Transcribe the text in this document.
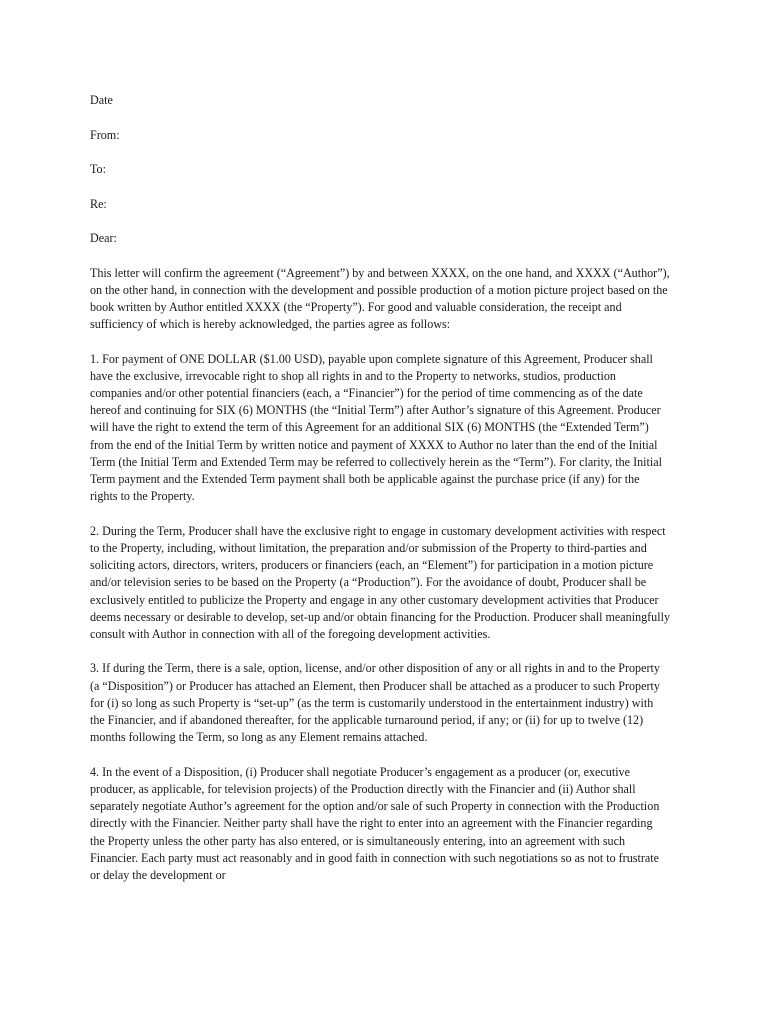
Date
From:
To:
Re:
Dear:

This letter will confirm the agreement (“Agreement”) by and between XXXX, on the one hand, and XXXX (“Author”), on the other hand, in connection with the development and possible production of a motion picture project based on the book written by Author entitled XXXX (the “Property”). For good and valuable consideration, the receipt and sufficiency of which is hereby acknowledged, the parties agree as follows:

1. For payment of ONE DOLLAR ($1.00 USD), payable upon complete signature of this Agreement, Producer shall have the exclusive, irrevocable right to shop all rights in and to the Property to networks, studios, production companies and/or other potential financiers (each, a “Financier”) for the period of time commencing as of the date hereof and continuing for SIX (6) MONTHS (the “Initial Term”) after Author’s signature of this Agreement. Producer will have the right to extend the term of this Agreement for an additional SIX (6) MONTHS (the “Extended Term”) from the end of the Initial Term by written notice and payment of XXXX to Author no later than the end of the Initial Term (the Initial Term and Extended Term may be referred to collectively herein as the “Term”). For clarity, the Initial Term payment and the Extended Term payment shall both be applicable against the purchase price (if any) for the rights to the Property.

2. During the Term, Producer shall have the exclusive right to engage in customary development activities with respect to the Property, including, without limitation, the preparation and/or submission of the Property to third-parties and soliciting actors, directors, writers, producers or financiers (each, an “Element”) for participation in a motion picture and/or television series to be based on the Property (a “Production”). For the avoidance of doubt, Producer shall be exclusively entitled to publicize the Property and engage in any other customary development activities that Producer deems necessary or desirable to develop, set-up and/or obtain financing for the Production. Producer shall meaningfully consult with Author in connection with all of the foregoing development activities.

3. If during the Term, there is a sale, option, license, and/or other disposition of any or all rights in and to the Property (a “Disposition”) or Producer has attached an Element, then Producer shall be attached as a producer to such Property for (i) so long as such Property is “set-up” (as the term is customarily understood in the entertainment industry) with the Financier, and if abandoned thereafter, for the applicable turnaround period, if any; or (ii) for up to twelve (12) months following the Term, so long as any Element remains attached.

4. In the event of a Disposition, (i) Producer shall negotiate Producer’s engagement as a producer (or, executive producer, as applicable, for television projects) of the Production directly with the Financier and (ii) Author shall separately negotiate Author’s agreement for the option and/or sale of such Property in connection with the Production directly with the Financier. Neither party shall have the right to enter into an agreement with the Financier regarding the Property unless the other party has also entered, or is simultaneously entering, into an agreement with such Financier. Each party must act reasonably and in good faith in connection with such negotiations so as not to frustrate or delay the development or
